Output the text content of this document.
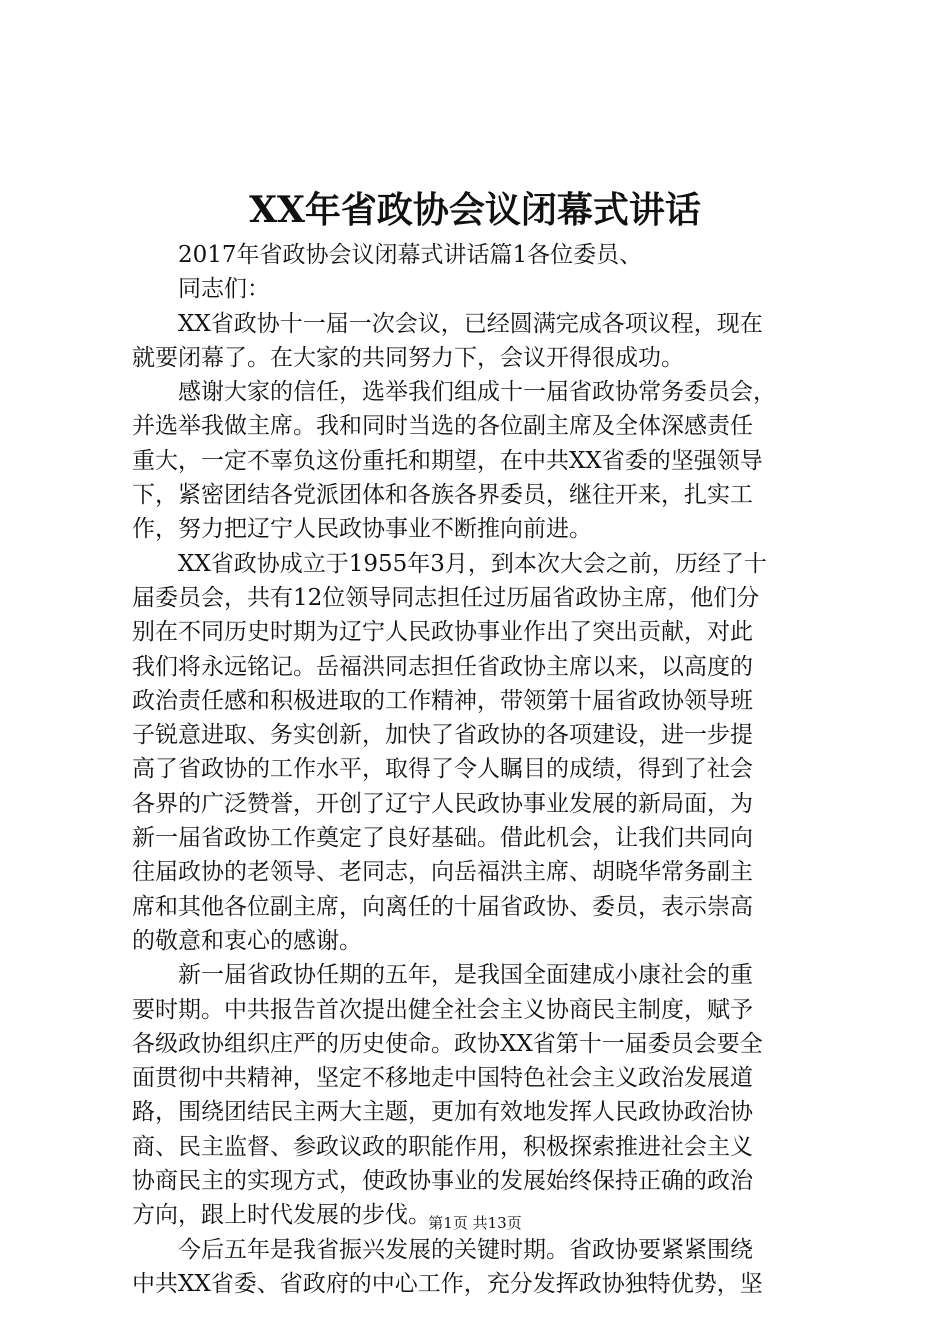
XX年省政协会议闭幕式讲话
2017年省政协会议闭幕式讲话篇1各位委员、
同志们：
XX省政协十一届一次会议，已经圆满完成各项议程，现在
就要闭幕了。在大家的共同努力下，会议开得很成功。
感谢大家的信任，选举我们组成十一届省政协常务委员会，
并选举我做主席。我和同时当选的各位副主席及全体深感责任
重大，一定不辜负这份重托和期望，在中共XX省委的坚强领导
下，紧密团结各党派团体和各族各界委员，继往开来，扎实工
作，努力把辽宁人民政协事业不断推向前进。
XX省政协成立于1955年3月，到本次大会之前，历经了十
届委员会，共有12位领导同志担任过历届省政协主席，他们分
别在不同历史时期为辽宁人民政协事业作出了突出贡献，对此
我们将永远铭记。岳福洪同志担任省政协主席以来，以高度的
政治责任感和积极进取的工作精神，带领第十届省政协领导班
子锐意进取、务实创新，加快了省政协的各项建设，进一步提
高了省政协的工作水平，取得了令人瞩目的成绩，得到了社会
各界的广泛赞誉，开创了辽宁人民政协事业发展的新局面，为
新一届省政协工作奠定了良好基础。借此机会，让我们共同向
往届政协的老领导、老同志，向岳福洪主席、胡晓华常务副主
席和其他各位副主席，向离任的十届省政协、委员，表示崇高
的敬意和衷心的感谢。
新一届省政协任期的五年，是我国全面建成小康社会的重
要时期。中共报告首次提出健全社会主义协商民主制度，赋予
各级政协组织庄严的历史使命。政协XX省第十一届委员会要全
面贯彻中共精神，坚定不移地走中国特色社会主义政治发展道
路，围绕团结民主两大主题，更加有效地发挥人民政协政治协
商、民主监督、参政议政的职能作用，积极探索推进社会主义
协商民主的实现方式，使政协事业的发展始终保持正确的政治
方向，跟上时代发展的步伐。
今后五年是我省振兴发展的关键时期。省政协要紧紧围绕
中共XX省委、省政府的中心工作，充分发挥政协独特优势，坚
第1页 共13页
